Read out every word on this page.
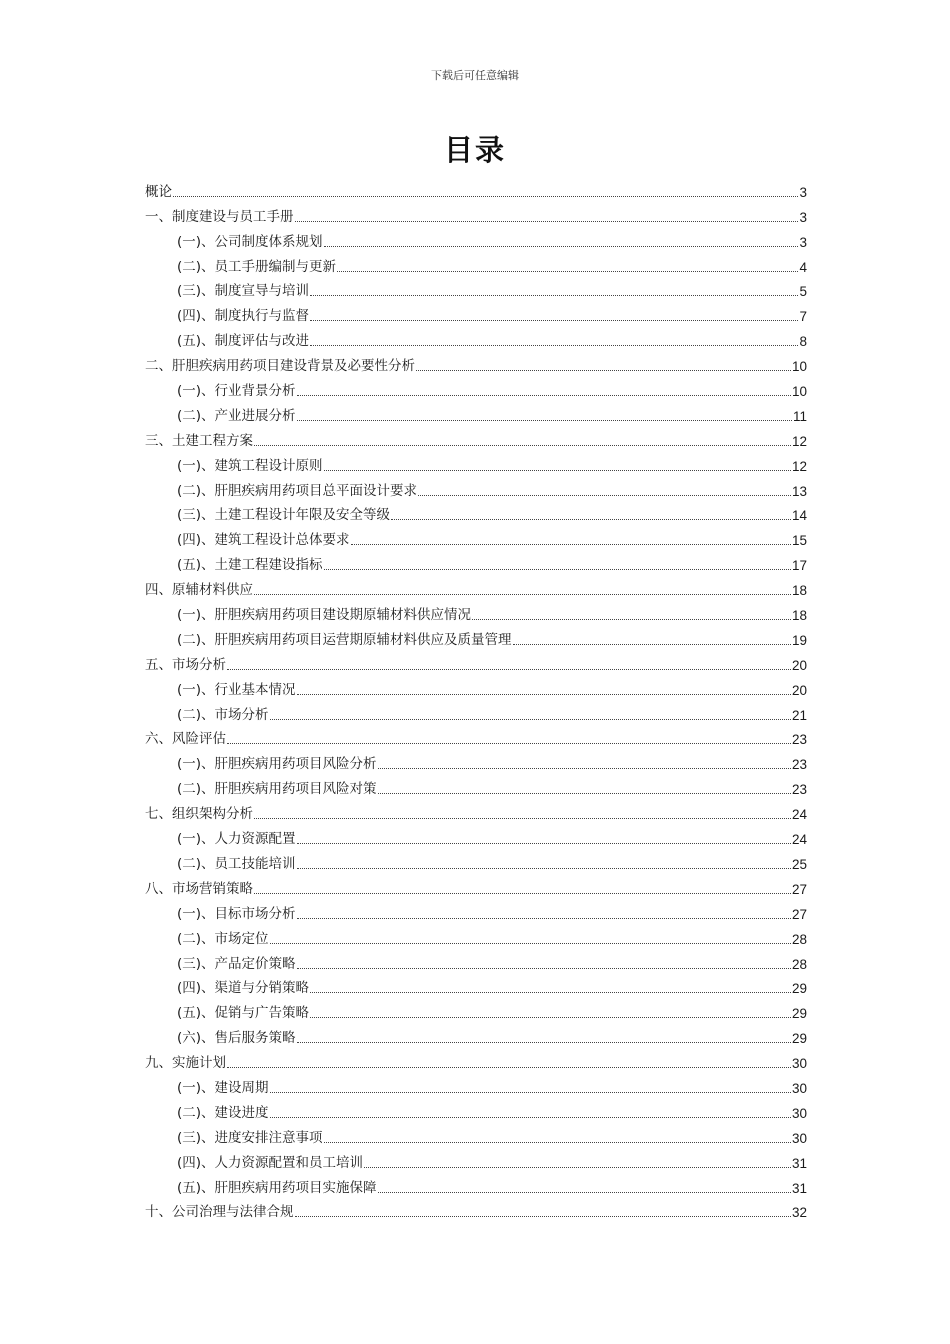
下载后可任意编辑
目录
概论	3
一、制度建设与员工手册	3
(一)、公司制度体系规划	3
(二)、员工手册编制与更新	4
(三)、制度宣导与培训	5
(四)、制度执行与监督	7
(五)、制度评估与改进	8
二、肝胆疾病用药项目建设背景及必要性分析	10
(一)、行业背景分析	10
(二)、产业进展分析	11
三、土建工程方案	12
(一)、建筑工程设计原则	12
(二)、肝胆疾病用药项目总平面设计要求	13
(三)、土建工程设计年限及安全等级	14
(四)、建筑工程设计总体要求	15
(五)、土建工程建设指标	17
四、原辅材料供应	18
(一)、肝胆疾病用药项目建设期原辅材料供应情况	18
(二)、肝胆疾病用药项目运营期原辅材料供应及质量管理	19
五、市场分析	20
(一)、行业基本情况	20
(二)、市场分析	21
六、风险评估	23
(一)、肝胆疾病用药项目风险分析	23
(二)、肝胆疾病用药项目风险对策	23
七、组织架构分析	24
(一)、人力资源配置	24
(二)、员工技能培训	25
八、市场营销策略	27
(一)、目标市场分析	27
(二)、市场定位	28
(三)、产品定价策略	28
(四)、渠道与分销策略	29
(五)、促销与广告策略	29
(六)、售后服务策略	29
九、实施计划	30
(一)、建设周期	30
(二)、建设进度	30
(三)、进度安排注意事项	30
(四)、人力资源配置和员工培训	31
(五)、肝胆疾病用药项目实施保障	31
十、公司治理与法律合规	32
